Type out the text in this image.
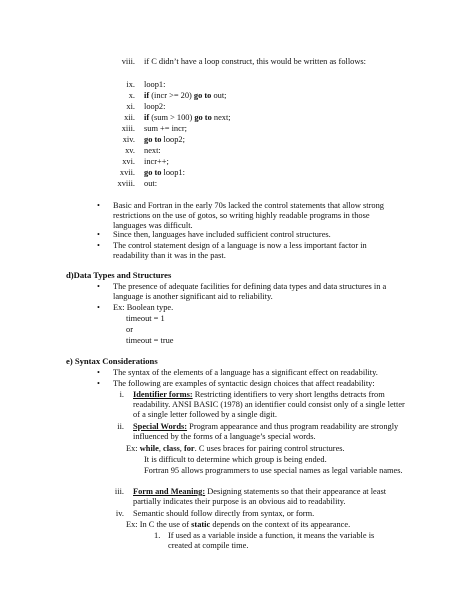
viii. if C didn’t have a loop construct, this would be written as follows:
ix. loop1:
x. if (incr >= 20) go to out;
xi. loop2:
xii. if (sum > 100) go to next;
xiii. sum += incr;
xiv. go to loop2;
xv. next:
xvi. incr++;
xvii. go to loop1:
xviii. out:
• Basic and Fortran in the early 70s lacked the control statements that allow strong restrictions on the use of gotos, so writing highly readable programs in those languages was difficult.
• Since then, languages have included sufficient control structures.
• The control statement design of a language is now a less important factor in readability than it was in the past.
d)Data Types and Structures
• The presence of adequate facilities for defining data types and data structures in a language is another significant aid to reliability.
• Ex: Boolean type.
timeout = 1
or
timeout = true
e) Syntax Considerations
• The syntax of the elements of a language has a significant effect on readability.
• The following are examples of syntactic design choices that affect readability:
i. Identifier forms: Restricting identifiers to very short lengths detracts from readability. ANSI BASIC (1978) an identifier could consist only of a single letter of a single letter followed by a single digit.
ii. Special Words: Program appearance and thus program readability are strongly influenced by the forms of a language’s special words.
Ex: while, class, for. C uses braces for pairing control structures.
It is difficult to determine which group is being ended.
Fortran 95 allows programmers to use special names as legal variable names.
iii. Form and Meaning: Designing statements so that their appearance at least partially indicates their purpose is an obvious aid to readability.
iv. Semantic should follow directly from syntax, or form.
Ex: In C the use of static depends on the context of its appearance.
1. If used as a variable inside a function, it means the variable is created at compile time.
